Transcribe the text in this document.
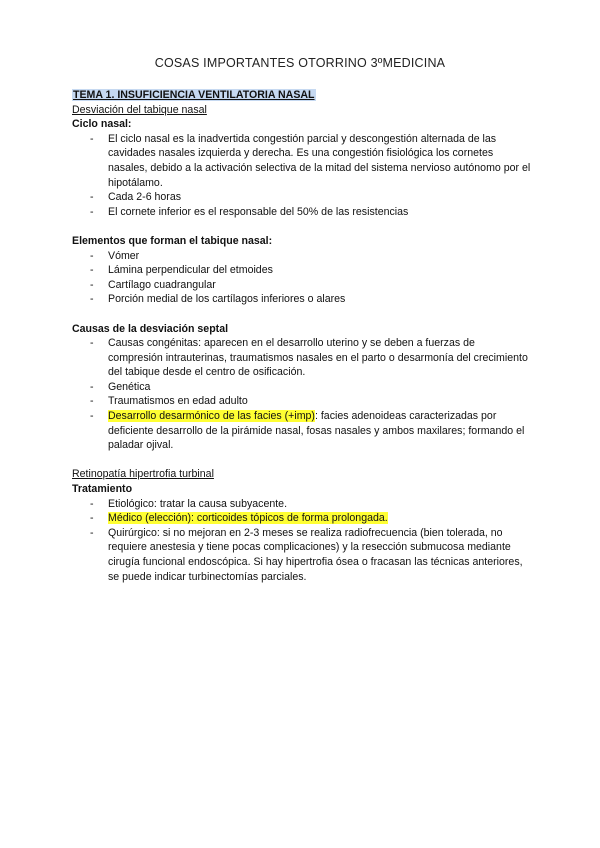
COSAS IMPORTANTES OTORRINO 3ºMEDICINA
TEMA 1. INSUFICIENCIA VENTILATORIA NASAL
Desviación del tabique nasal
Ciclo nasal:
- El ciclo nasal es la inadvertida congestión parcial y descongestión alternada de las cavidades nasales izquierda y derecha. Es una congestión fisiológica los cornetes nasales, debido a la activación selectiva de la mitad del sistema nervioso autónomo por el hipotálamo.
- Cada 2-6 horas
- El cornete inferior es el responsable del 50% de las resistencias
Elementos que forman el tabique nasal:
- Vómer
- Lámina perpendicular del etmoides
- Cartílago cuadrangular
- Porción medial de los cartílagos inferiores o alares
Causas de la desviación septal
- Causas congénitas: aparecen en el desarrollo uterino y se deben a fuerzas de compresión intrauterinas, traumatismos nasales en el parto o desarmonía del crecimiento del tabique desde el centro de osificación.
- Genética
- Traumatismos en edad adulto
- Desarrollo desarmónico de las facies (+imp): facies adenoideas caracterizadas por deficiente desarrollo de la pirámide nasal, fosas nasales y ambos maxilares; formando el paladar ojival.
Retinopatía hipertrofia turbinal
Tratamiento
- Etiológico: tratar la causa subyacente.
- Médico (elección): corticoides tópicos de forma prolongada.
- Quirúrgico: si no mejoran en 2-3 meses se realiza radiofrecuencia (bien tolerada, no requiere anestesia y tiene pocas complicaciones) y la resección submucosa mediante cirugía funcional endoscópica. Si hay hipertrofia ósea o fracasan las técnicas anteriores, se puede indicar turbinectomías parciales.
